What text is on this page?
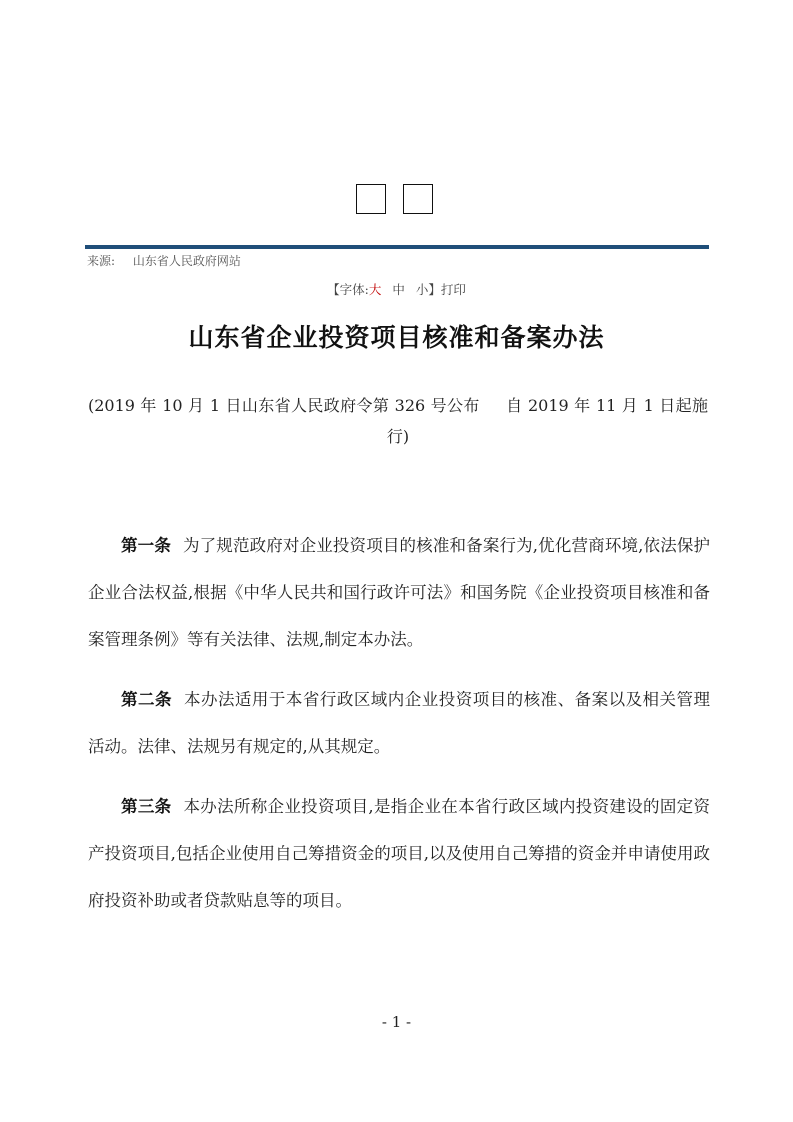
来源: 山东省人民政府网站
【字体:大 中 小】打印
山东省企业投资项目核准和备案办法
(2019 年 10 月 1 日山东省人民政府令第 326 号公布 自 2019 年 11 月 1 日起施行)
第一条 为了规范政府对企业投资项目的核准和备案行为,优化营商环境,依法保护企业合法权益,根据《中华人民共和国行政许可法》和国务院《企业投资项目核准和备案管理条例》等有关法律、法规,制定本办法。
第二条 本办法适用于本省行政区域内企业投资项目的核准、备案以及相关管理活动。法律、法规另有规定的,从其规定。
第三条 本办法所称企业投资项目,是指企业在本省行政区域内投资建设的固定资产投资项目,包括企业使用自己筹措资金的项目,以及使用自己筹措的资金并申请使用政府投资补助或者贷款贴息等的项目。
- 1 -
